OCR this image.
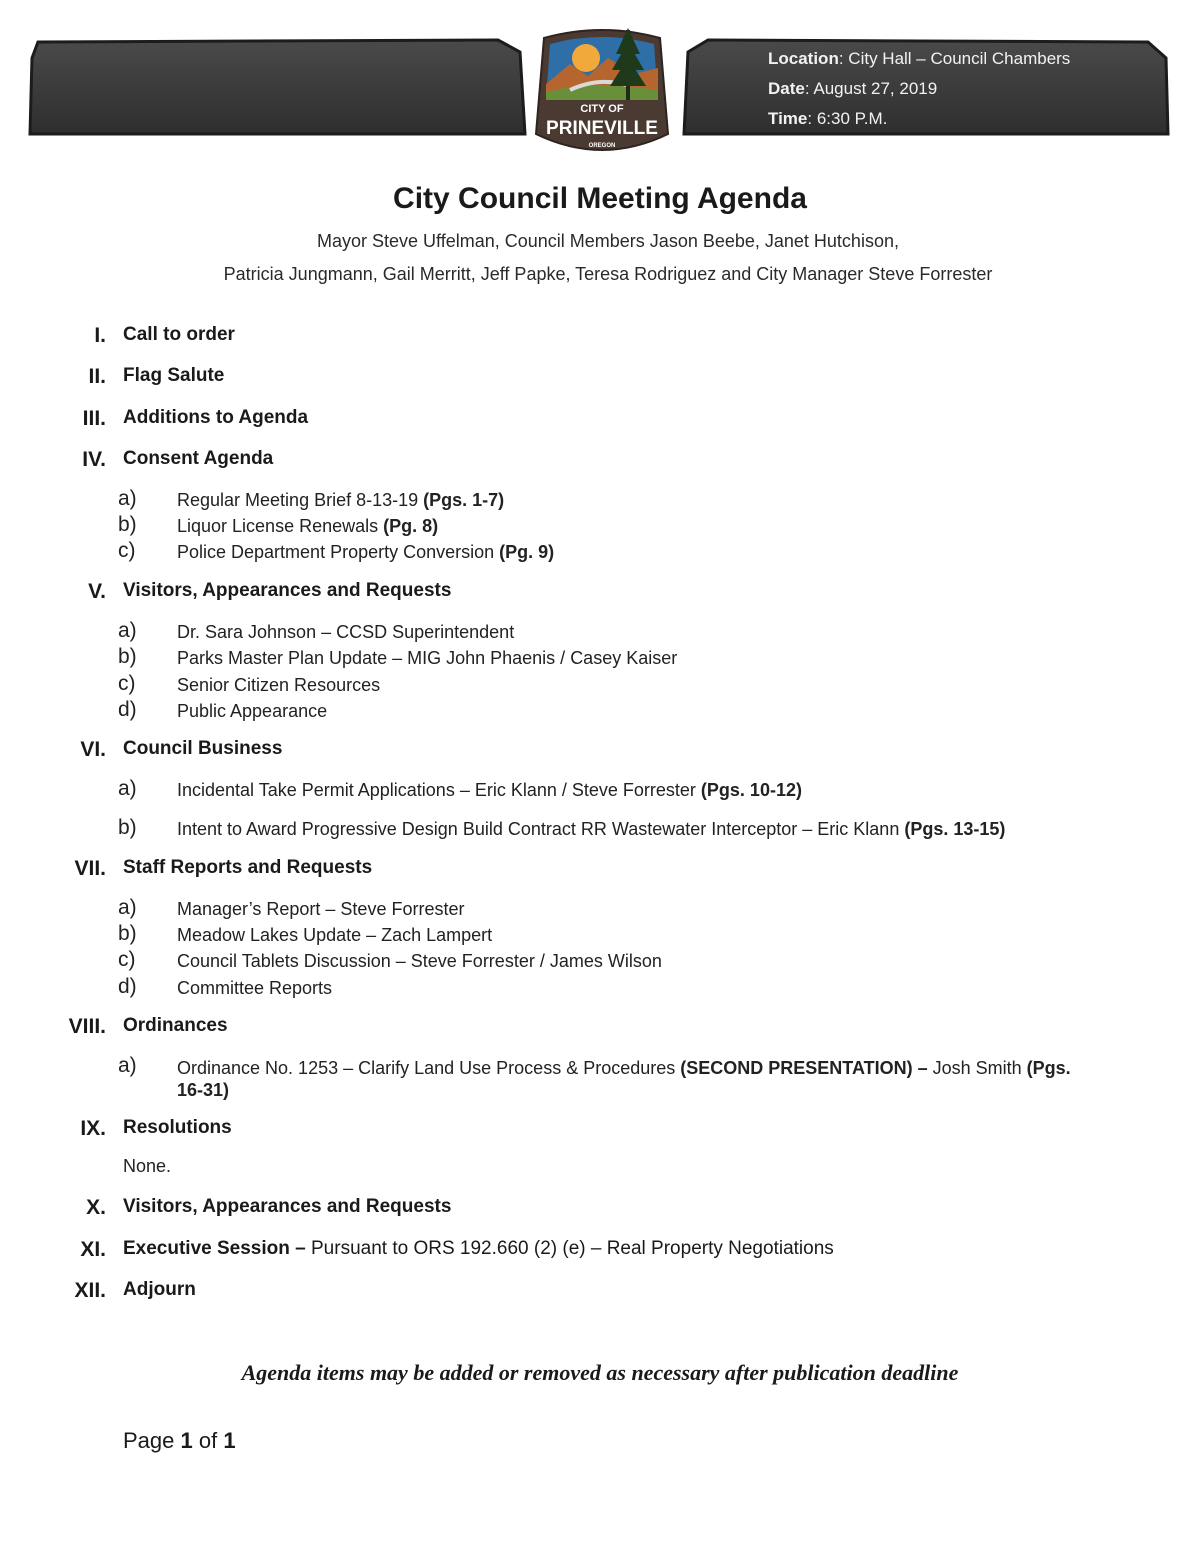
Location: City Hall – Council Chambers
Date: August 27, 2019
Time: 6:30 P.M.
CITY OF
PRINEVILLE
OREGON
City Council Meeting Agenda
Mayor Steve Uffelman, Council Members Jason Beebe, Janet Hutchison,
Patricia Jungmann, Gail Merritt, Jeff Papke, Teresa Rodriguez and City Manager Steve Forrester
I. Call to order
II. Flag Salute
III. Additions to Agenda
IV. Consent Agenda
a) Regular Meeting Brief 8-13-19 (Pgs. 1-7)
b) Liquor License Renewals (Pg. 8)
c) Police Department Property Conversion (Pg. 9)
V. Visitors, Appearances and Requests
a) Dr. Sara Johnson – CCSD Superintendent
b) Parks Master Plan Update – MIG John Phaenis / Casey Kaiser
c) Senior Citizen Resources
d) Public Appearance
VI. Council Business
a) Incidental Take Permit Applications – Eric Klann / Steve Forrester (Pgs. 10-12)
b) Intent to Award Progressive Design Build Contract RR Wastewater Interceptor – Eric Klann (Pgs. 13-15)
VII. Staff Reports and Requests
a) Manager’s Report – Steve Forrester
b) Meadow Lakes Update – Zach Lampert
c) Council Tablets Discussion – Steve Forrester / James Wilson
d) Committee Reports
VIII. Ordinances
a) Ordinance No. 1253 – Clarify Land Use Process & Procedures (SECOND PRESENTATION) – Josh Smith (Pgs. 16-31)
IX. Resolutions
None.
X. Visitors, Appearances and Requests
XI. Executive Session – Pursuant to ORS 192.660 (2) (e) – Real Property Negotiations
XII. Adjourn
Agenda items may be added or removed as necessary after publication deadline
Page 1 of 1
